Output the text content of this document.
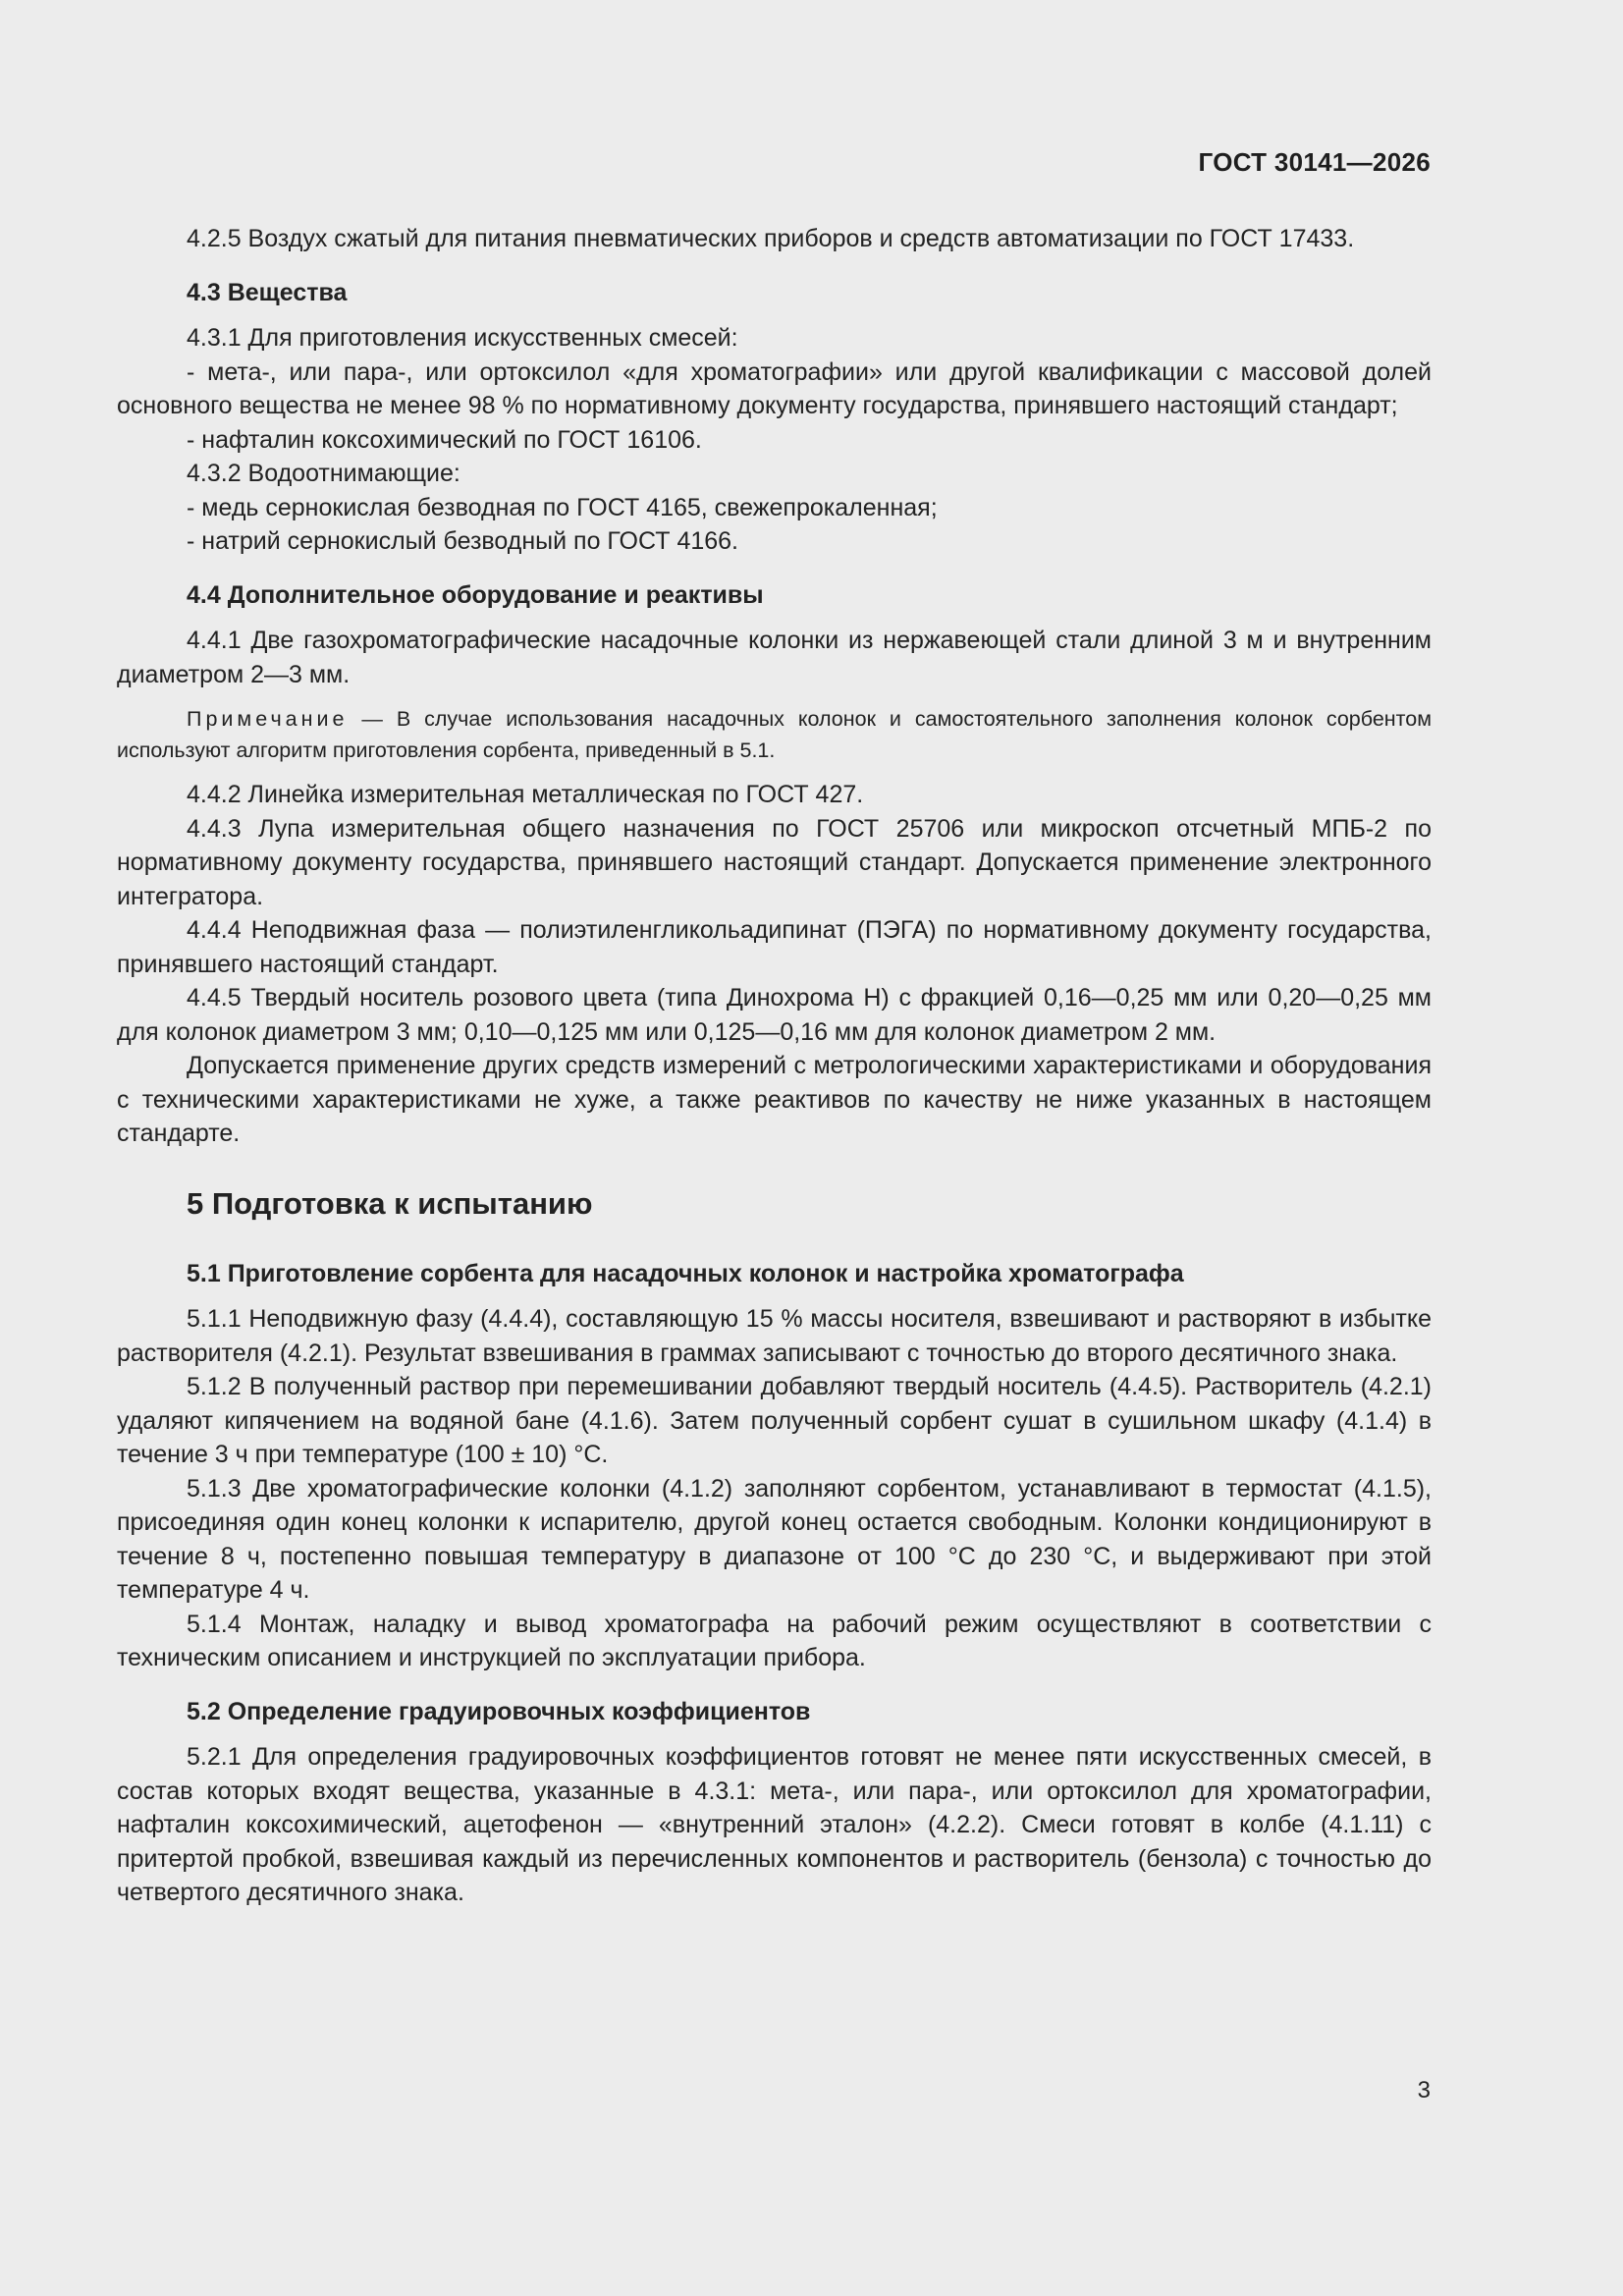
ГОСТ 30141—2026

4.2.5 Воздух сжатый для питания пневматических приборов и средств автоматизации по ГОСТ 17433.

4.3 Вещества

4.3.1 Для приготовления искусственных смесей:

- мета-, или пара-, или ортоксилол «для хроматографии» или другой квалификации с массовой долей основного вещества не менее 98 % по нормативному документу государства, принявшего настоящий стандарт;

- нафталин коксохимический по ГОСТ 16106.

4.3.2 Водоотнимающие:

- медь сернокислая безводная по ГОСТ 4165, свежепрокаленная;

- натрий сернокислый безводный по ГОСТ 4166.

4.4 Дополнительное оборудование и реактивы

4.4.1 Две газохроматографические насадочные колонки из нержавеющей стали длиной 3 м и внутренним диаметром 2—3 мм.

Примечание — В случае использования насадочных колонок и самостоятельного заполнения колонок сорбентом используют алгоритм приготовления сорбента, приведенный в 5.1.

4.4.2 Линейка измерительная металлическая по ГОСТ 427.

4.4.3 Лупа измерительная общего назначения по ГОСТ 25706 или микроскоп отсчетный МПБ-2 по нормативному документу государства, принявшего настоящий стандарт. Допускается применение электронного интегратора.

4.4.4 Неподвижная фаза — полиэтиленгликольадипинат (ПЭГА) по нормативному документу государства, принявшего настоящий стандарт.

4.4.5 Твердый носитель розового цвета (типа Динохрома Н) с фракцией 0,16—0,25 мм или 0,20—0,25 мм для колонок диаметром 3 мм; 0,10—0,125 мм или 0,125—0,16 мм для колонок диаметром 2 мм.

Допускается применение других средств измерений с метрологическими характеристиками и оборудования с техническими характеристиками не хуже, а также реактивов по качеству не ниже указанных в настоящем стандарте.

5 Подготовка к испытанию

5.1 Приготовление сорбента для насадочных колонок и настройка хроматографа

5.1.1 Неподвижную фазу (4.4.4), составляющую 15 % массы носителя, взвешивают и растворяют в избытке растворителя (4.2.1). Результат взвешивания в граммах записывают с точностью до второго десятичного знака.

5.1.2 В полученный раствор при перемешивании добавляют твердый носитель (4.4.5). Растворитель (4.2.1) удаляют кипячением на водяной бане (4.1.6). Затем полученный сорбент сушат в сушильном шкафу (4.1.4) в течение 3 ч при температуре (100 ± 10) °С.

5.1.3 Две хроматографические колонки (4.1.2) заполняют сорбентом, устанавливают в термостат (4.1.5), присоединяя один конец колонки к испарителю, другой конец остается свободным. Колонки кондиционируют в течение 8 ч, постепенно повышая температуру в диапазоне от 100 °С до 230 °С, и выдерживают при этой температуре 4 ч.

5.1.4 Монтаж, наладку и вывод хроматографа на рабочий режим осуществляют в соответствии с техническим описанием и инструкцией по эксплуатации прибора.

5.2 Определение градуировочных коэффициентов

5.2.1 Для определения градуировочных коэффициентов готовят не менее пяти искусственных смесей, в состав которых входят вещества, указанные в 4.3.1: мета-, или пара-, или ортоксилол для хроматографии, нафталин коксохимический, ацетофенон — «внутренний эталон» (4.2.2). Смеси готовят в колбе (4.1.11) с притертой пробкой, взвешивая каждый из перечисленных компонентов и растворитель (бензола) с точностью до четвертого десятичного знака.

3
